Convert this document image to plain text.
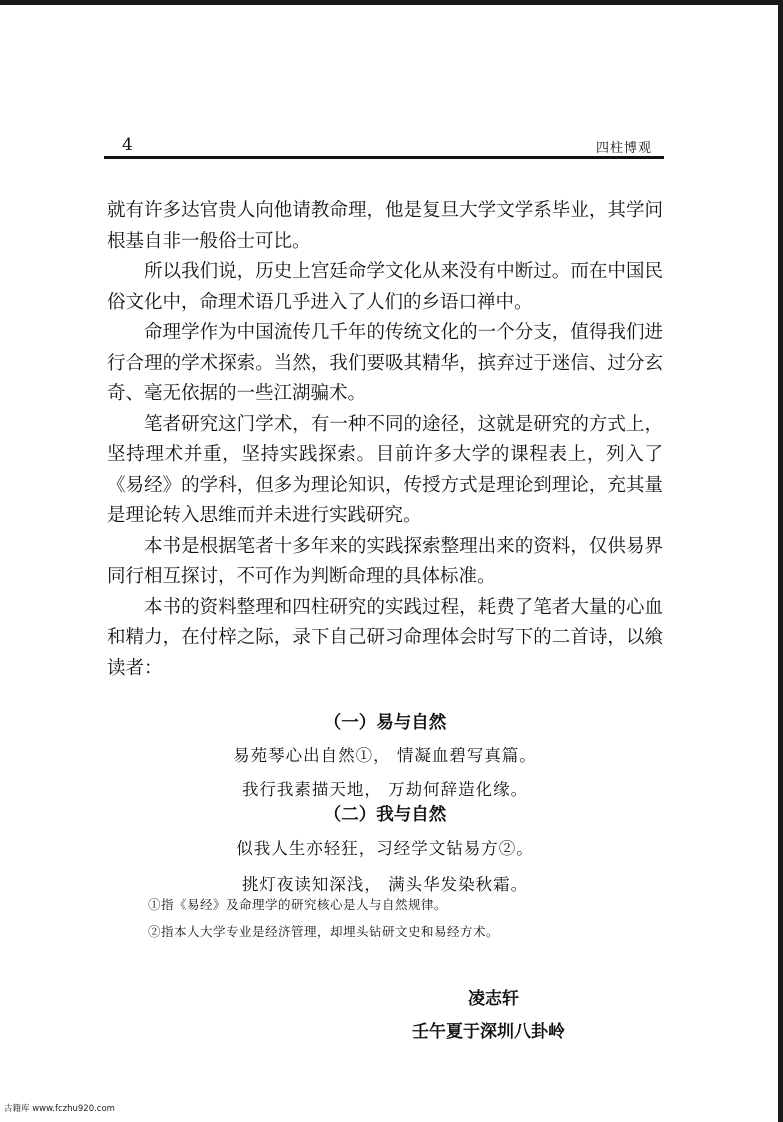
4	四柱博观

就有许多达官贵人向他请教命理，他是复旦大学文学系毕业，其学问根基自非一般俗士可比。

所以我们说，历史上宫廷命学文化从来没有中断过。而在中国民俗文化中，命理术语几乎进入了人们的乡语口禅中。

命理学作为中国流传几千年的传统文化的一个分支，值得我们进行合理的学术探索。当然，我们要吸其精华，摈弃过于迷信、过分玄奇、毫无依据的一些江湖骗术。

笔者研究这门学术，有一种不同的途径，这就是研究的方式上，坚持理术并重，坚持实践探索。目前许多大学的课程表上，列入了《易经》的学科，但多为理论知识，传授方式是理论到理论，充其量是理论转入思维而并未进行实践研究。

本书是根据笔者十多年来的实践探索整理出来的资料，仅供易界同行相互探讨，不可作为判断命理的具体标准。

本书的资料整理和四柱研究的实践过程，耗费了笔者大量的心血和精力，在付梓之际，录下自己研习命理体会时写下的二首诗，以飨读者：

（一）易与自然
易苑琴心出自然①， 情凝血碧写真篇。
我行我素描天地， 万劫何辞造化缘。
（二）我与自然
似我人生亦轻狂，习经学文钻易方②。
挑灯夜读知深浅， 满头华发染秋霜。
①指《易经》及命理学的研究核心是人与自然规律。
②指本人大学专业是经济管理，却埋头钻研文史和易经方术。
凌志轩
壬午夏于深圳八卦岭
古籍库 www.fczhu920.com
